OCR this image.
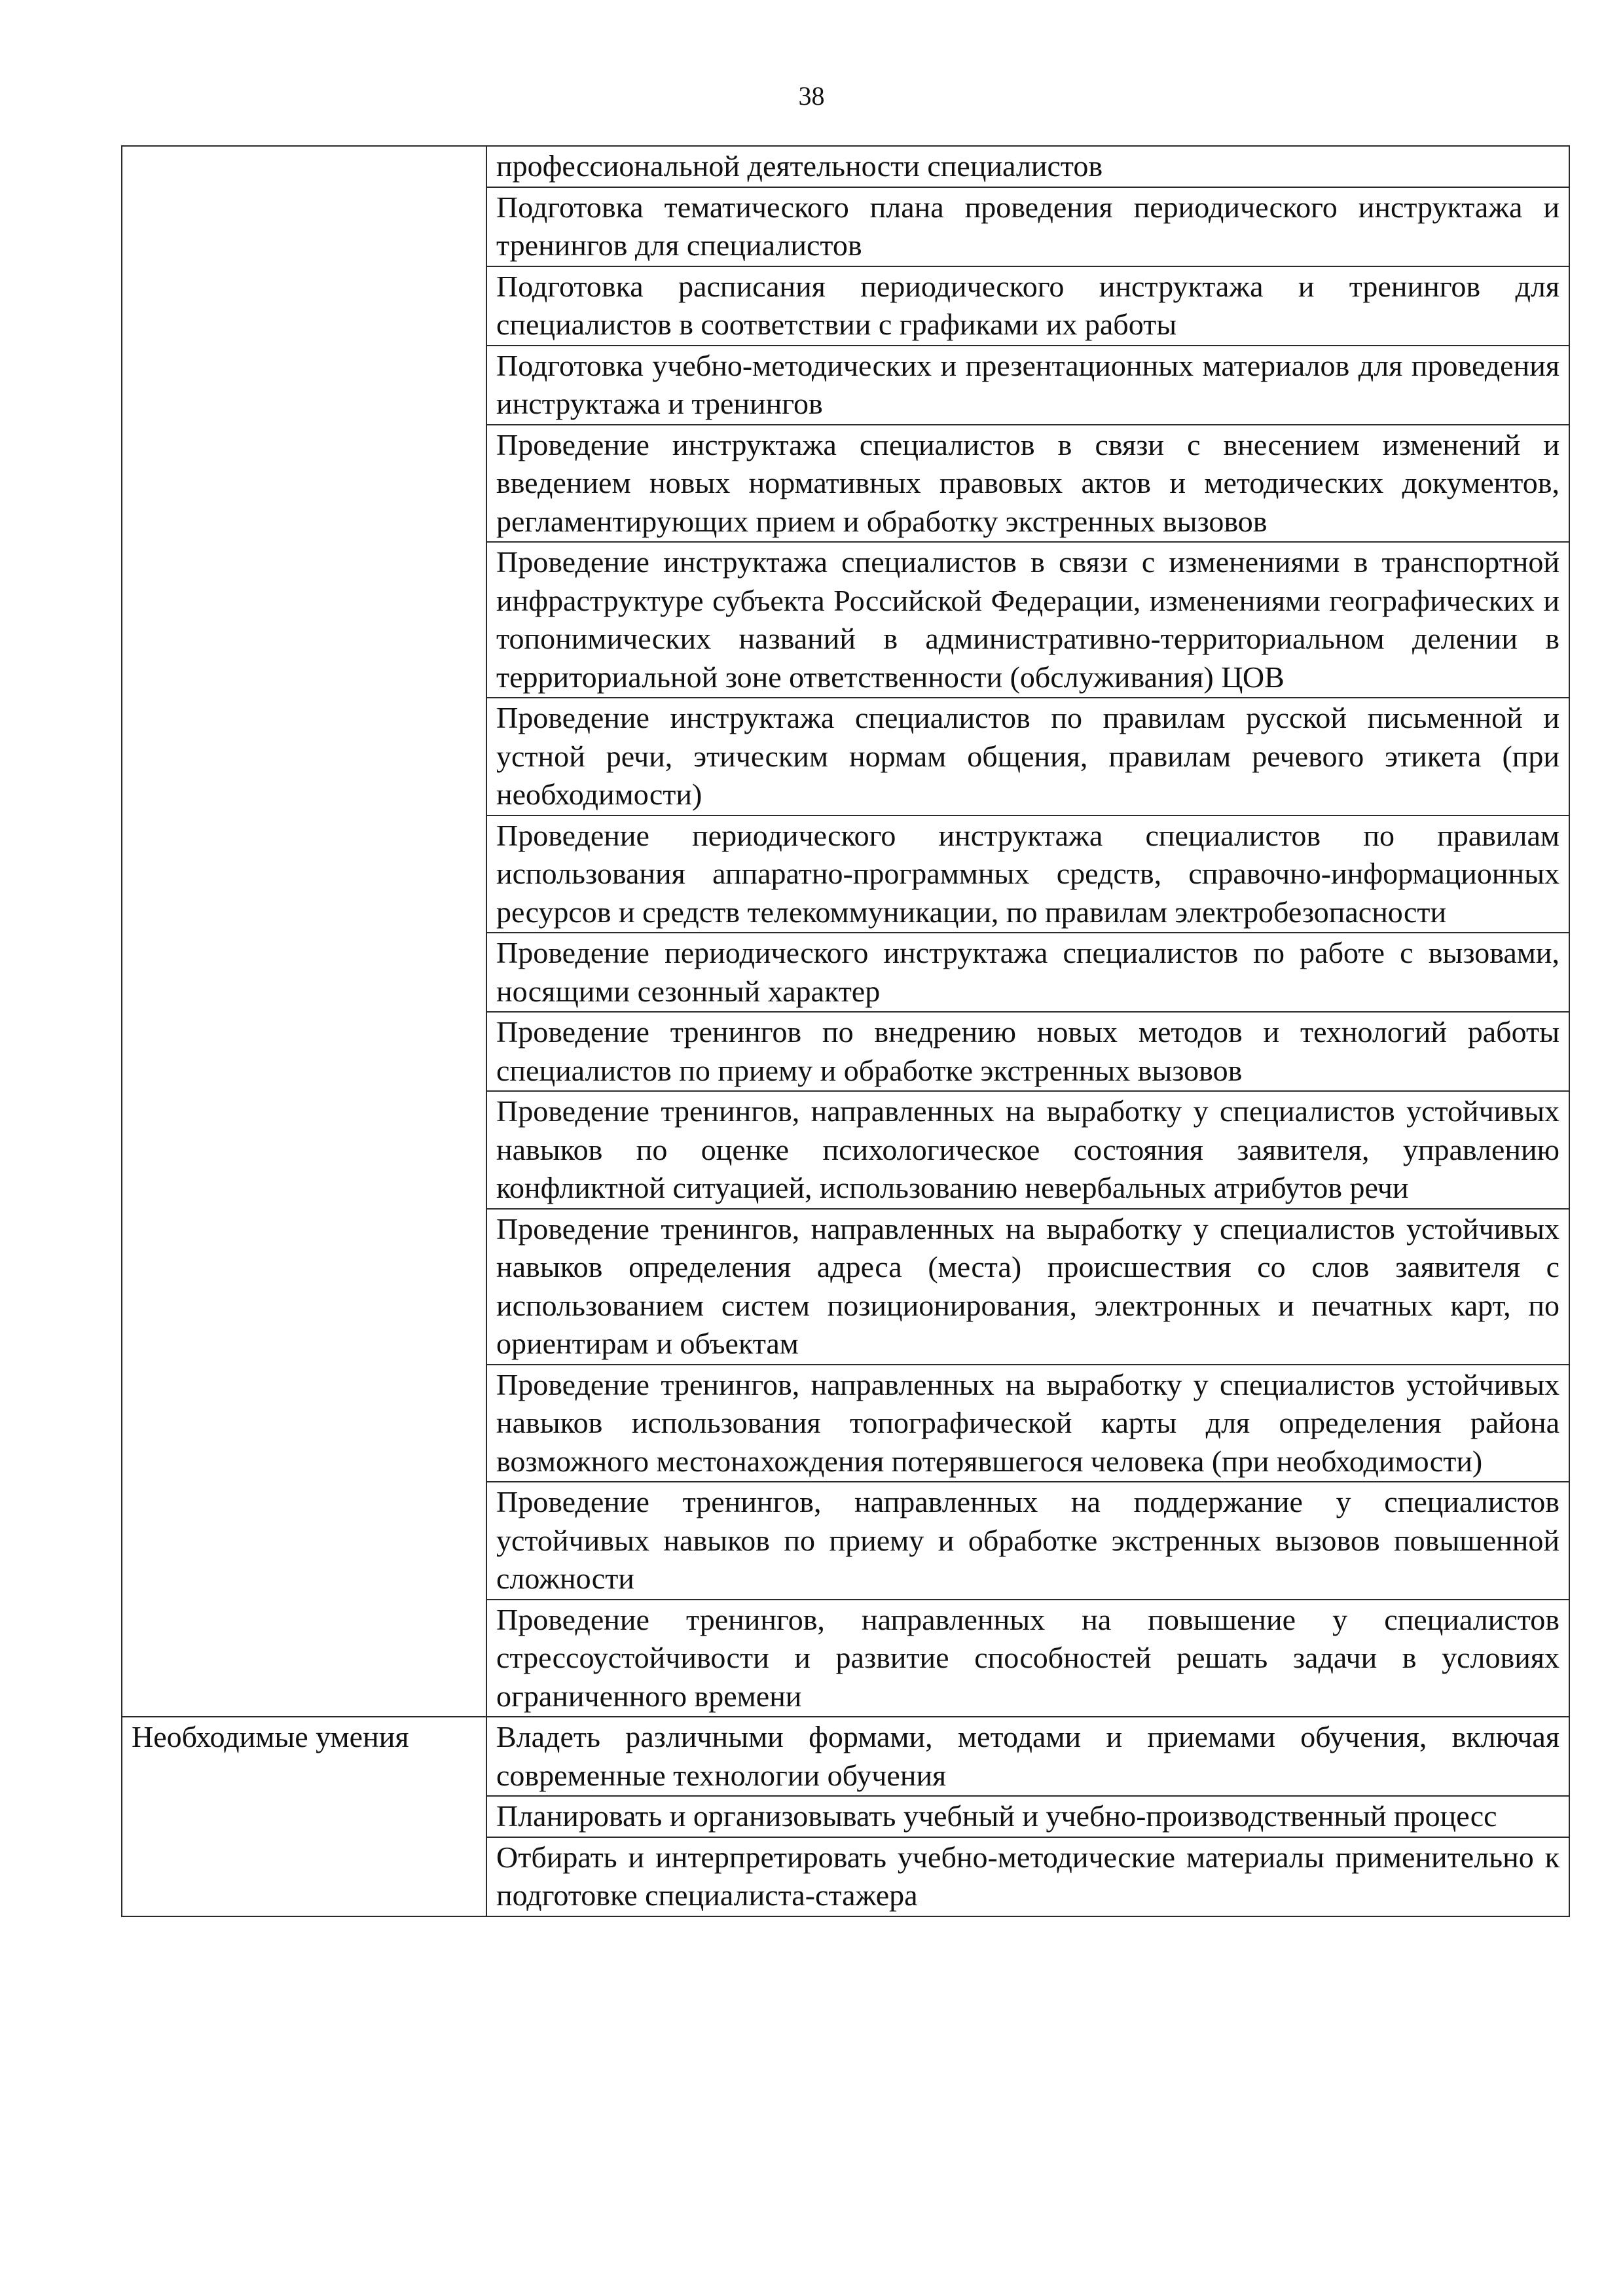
38
	профессиональной деятельности специалистов
	Подготовка тематического плана проведения периодического инструктажа и тренингов для специалистов
	Подготовка расписания периодического инструктажа и тренингов для специалистов в соответствии с графиками их работы
	Подготовка учебно-методических и презентационных материалов для проведения инструктажа и тренингов
	Проведение инструктажа специалистов в связи с внесением изменений и введением новых нормативных правовых актов и методических документов, регламентирующих прием и обработку экстренных вызовов
	Проведение инструктажа специалистов в связи с изменениями в транспортной инфраструктуре субъекта Российской Федерации, изменениями географических и топонимических названий в административно-территориальном делении в территориальной зоне ответственности (обслуживания) ЦОВ
	Проведение инструктажа специалистов по правилам русской письменной и устной речи, этическим нормам общения, правилам речевого этикета (при необходимости)
	Проведение периодического инструктажа специалистов по правилам использования аппаратно-программных средств, справочно-информационных ресурсов и средств телекоммуникации, по правилам электробезопасности
	Проведение периодического инструктажа специалистов по работе с вызовами, носящими сезонный характер
	Проведение тренингов по внедрению новых методов и технологий работы специалистов по приему и обработке экстренных вызовов
	Проведение тренингов, направленных на выработку у специалистов устойчивых навыков по оценке психологическое состояния заявителя, управлению конфликтной ситуацией, использованию невербальных атрибутов речи
	Проведение тренингов, направленных на выработку у специалистов устойчивых навыков определения адреса (места) происшествия со слов заявителя с использованием систем позиционирования, электронных и печатных карт, по ориентирам и объектам
	Проведение тренингов, направленных на выработку у специалистов устойчивых навыков использования топографической карты для определения района возможного местонахождения потерявшегося человека (при необходимости)
	Проведение тренингов, направленных на поддержание у специалистов устойчивых навыков по приему и обработке экстренных вызовов повышенной сложности
	Проведение тренингов, направленных на повышение у специалистов стрессоустойчивости и развитие способностей решать задачи в условиях ограниченного времени
Необходимые умения	Владеть различными формами, методами и приемами обучения, включая современные технологии обучения
	Планировать и организовывать учебный и учебно-производственный процесс
	Отбирать и интерпретировать учебно-методические материалы применительно к подготовке специалиста-стажера
